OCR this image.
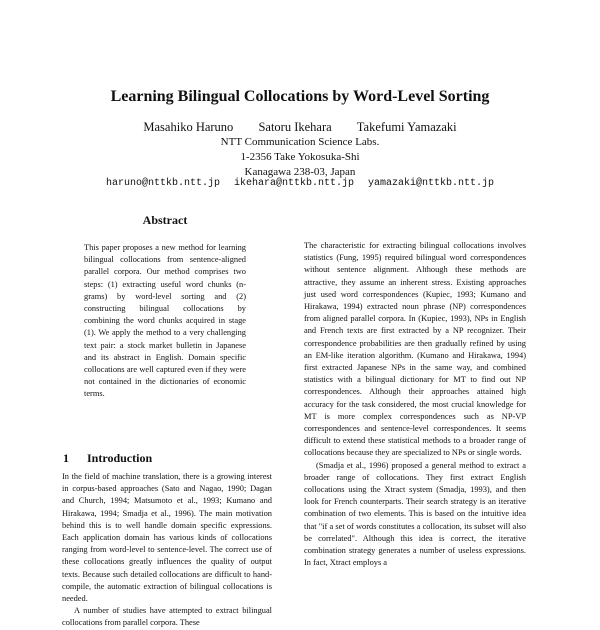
Learning Bilingual Collocations by Word-Level Sorting
Masahiko Haruno Satoru Ikehara Takefumi Yamazaki
NTT Communication Science Labs.
1-2356 Take Yokosuka-Shi
Kanagawa 238-03, Japan
haruno@nttkb.ntt.jp ikehara@nttkb.ntt.jp yamazaki@nttkb.ntt.jp
Abstract
This paper proposes a new method for learning bilingual collocations from sentence-aligned parallel corpora. Our method comprises two steps: (1) extracting useful word chunks (n-grams) by word-level sorting and (2) constructing bilingual collocations by combining the word chunks acquired in stage (1). We apply the method to a very challenging text pair: a stock market bulletin in Japanese and its abstract in English. Domain specific collocations are well captured even if they were not contained in the dictionaries of economic terms.
1 Introduction

In the field of machine translation, there is a growing interest in corpus-based approaches (Sato and Nagao, 1990; Dagan and Church, 1994; Matsumoto et al., 1993; Kumano and Hirakawa, 1994; Smadja et al., 1996). The main motivation behind this is to well handle domain specific expressions. Each application domain has various kinds of collocations ranging from word-level to sentence-level. The correct use of these collocations greatly influences the quality of output texts. Because such detailed collocations are difficult to hand-compile, the automatic extraction of bilingual collocations is needed.

A number of studies have attempted to extract bilingual collocations from parallel corpora. These

The characteristic for extracting bilingual collocations involves statistics (Fung, 1995) required bilingual word correspondences without sentence alignment. Although these methods are attractive, they assume an inherent stress. Existing approaches just used word correspondences (Kupiec, 1993; Kumano and Hirakawa, 1994) extracted noun phrase (NP) correspondences from aligned parallel corpora. In (Kupiec, 1993), NPs in English and French texts are first extracted by a NP recognizer. Their correspondence probabilities are then gradually refined by using an EM-like iteration algorithm. (Kumano and Hirakawa, 1994) first extracted Japanese NPs in the same way, and combined statistics with a bilingual dictionary for MT to find out NP correspondences. Although their approaches attained high accuracy for the task considered, the most crucial knowledge for MT is more complex correspondences such as NP-VP correspondences and sentence-level correspondences. It seems difficult to extend these statistical methods to a broader range of collocations because they are specialized to NPs or single words.

(Smadja et al., 1996) proposed a general method to extract a broader range of collocations. They first extract English collocations using the Xtract system (Smadja, 1993), and then look for French counterparts. Their search strategy is an iterative combination of two elements. This is based on the intuitive idea that "if a set of words constitutes a collocation, its subset will also be correlated". Although this idea is correct, the iterative combination strategy generates a number of useless expressions. In fact, Xtract employs a
